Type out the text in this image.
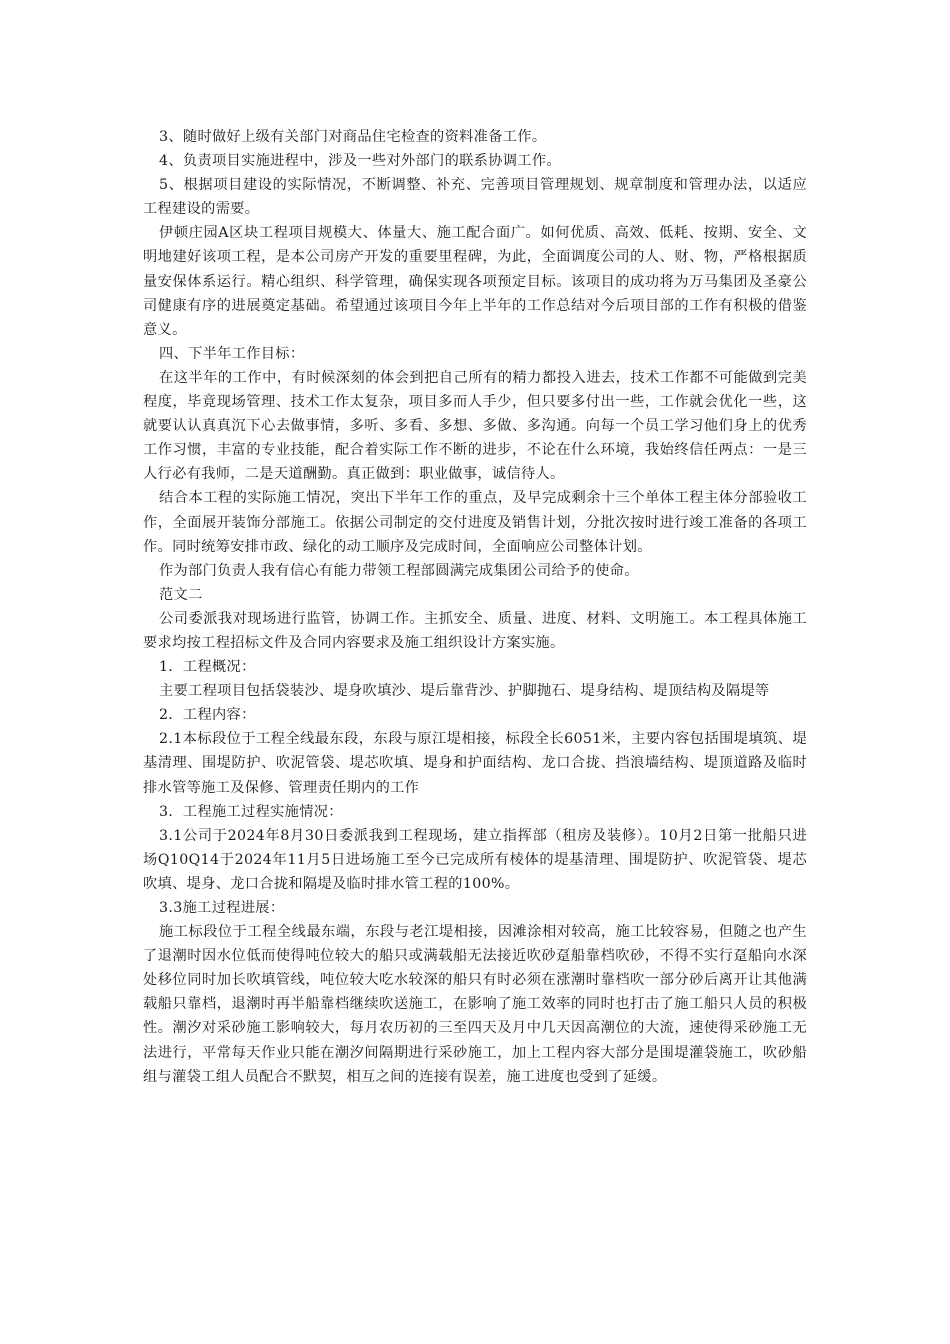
3、随时做好上级有关部门对商品住宅检查的资料准备工作。

4、负责项目实施进程中，涉及一些对外部门的联系协调工作。

5、根据项目建设的实际情况，不断调整、补充、完善项目管理规划、规章制度和管理办法，以适应工程建设的需要。

伊顿庄园A区块工程项目规模大、体量大、施工配合面广。如何优质、高效、低耗、按期、安全、文明地建好该项工程，是本公司房产开发的重要里程碑，为此，全面调度公司的人、财、物，严格根据质量安保体系运行。精心组织、科学管理，确保实现各项预定目标。该项目的成功将为万马集团及圣豪公司健康有序的进展奠定基础。希望通过该项目今年上半年的工作总结对今后项目部的工作有积极的借鉴意义。

四、下半年工作目标：

在这半年的工作中，有时候深刻的体会到把自己所有的精力都投入进去，技术工作都不可能做到完美程度，毕竟现场管理、技术工作太复杂，项目多而人手少，但只要多付出一些，工作就会优化一些，这就要认认真真沉下心去做事情，多听、多看、多想、多做、多沟通。向每一个员工学习他们身上的优秀工作习惯，丰富的专业技能，配合着实际工作不断的进步，不论在什么环境，我始终信任两点：一是三人行必有我师，二是天道酬勤。真正做到：职业做事，诚信待人。

结合本工程的实际施工情况，突出下半年工作的重点，及早完成剩余十三个单体工程主体分部验收工作，全面展开装饰分部施工。依据公司制定的交付进度及销售计划，分批次按时进行竣工准备的各项工作。同时统筹安排市政、绿化的动工顺序及完成时间，全面响应公司整体计划。

作为部门负责人我有信心有能力带领工程部圆满完成集团公司给予的使命。

范文二

公司委派我对现场进行监管，协调工作。主抓安全、质量、进度、材料、文明施工。本工程具体施工要求均按工程招标文件及合同内容要求及施工组织设计方案实施。

1．工程概况：

主要工程项目包括袋装沙、堤身吹填沙、堤后靠背沙、护脚抛石、堤身结构、堤顶结构及隔堤等

2．工程内容：

2.1本标段位于工程全线最东段，东段与原江堤相接，标段全长6051米，主要内容包括围堤填筑、堤基清理、围堤防护、吹泥管袋、堤芯吹填、堤身和护面结构、龙口合拢、挡浪墙结构、堤顶道路及临时排水管等施工及保修、管理责任期内的工作

3．工程施工过程实施情况：

3.1公司于2024年8月30日委派我到工程现场，建立指挥部（租房及装修）。10月2日第一批船只进场Q10Q14于2024年11月5日进场施工至今已完成所有棱体的堤基清理、围堤防护、吹泥管袋、堤芯吹填、堤身、龙口合拢和隔堤及临时排水管工程的100%。

3.3施工过程进展：

施工标段位于工程全线最东端，东段与老江堤相接，因滩涂相对较高，施工比较容易，但随之也产生了退潮时因水位低而使得吨位较大的船只或满载船无法接近吹砂趸船靠档吹砂，不得不实行趸船向水深处移位同时加长吹填管线，吨位较大吃水较深的船只有时必须在涨潮时靠档吹一部分砂后离开让其他满载船只靠档，退潮时再半船靠档继续吹送施工，在影响了施工效率的同时也打击了施工船只人员的积极性。潮汐对采砂施工影响较大，每月农历初的三至四天及月中几天因高潮位的大流，速使得采砂施工无法进行，平常每天作业只能在潮汐间隔期进行采砂施工，加上工程内容大部分是围堤灌袋施工，吹砂船组与灌袋工组人员配合不默契，相互之间的连接有误差，施工进度也受到了延缓。
